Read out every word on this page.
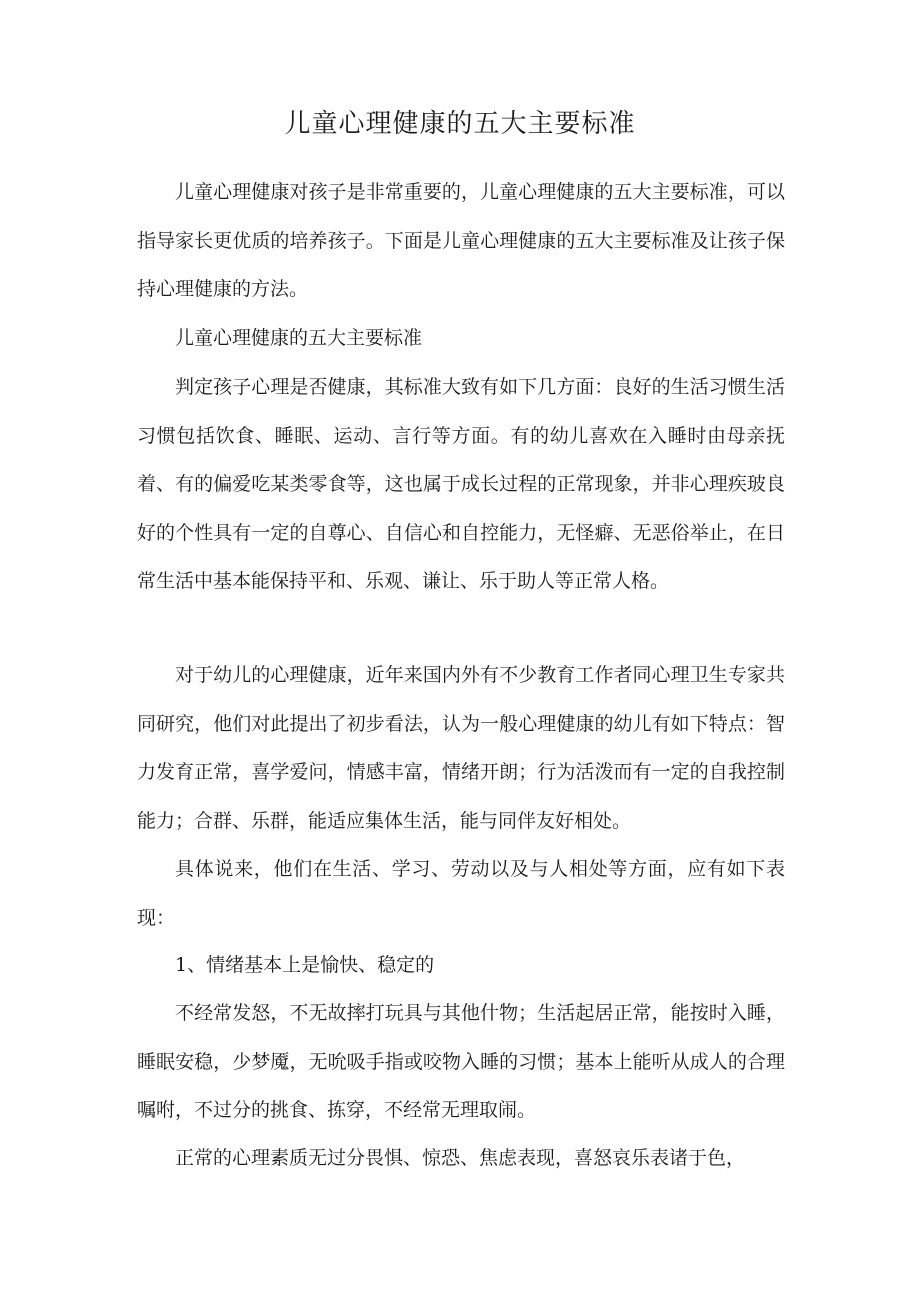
儿童心理健康的五大主要标准

儿童心理健康对孩子是非常重要的，儿童心理健康的五大主要标准，可以指导家长更优质的培养孩子。下面是儿童心理健康的五大主要标准及让孩子保持心理健康的方法。

儿童心理健康的五大主要标准

判定孩子心理是否健康，其标准大致有如下几方面：良好的生活习惯生活习惯包括饮食、睡眠、运动、言行等方面。有的幼儿喜欢在入睡时由母亲抚着、有的偏爱吃某类零食等，这也属于成长过程的正常现象，并非心理疾玻良好的个性具有一定的自尊心、自信心和自控能力，无怪癖、无恶俗举止，在日常生活中基本能保持平和、乐观、谦让、乐于助人等正常人格。

对于幼儿的心理健康，近年来国内外有不少教育工作者同心理卫生专家共同研究，他们对此提出了初步看法，认为一般心理健康的幼儿有如下特点：智力发育正常，喜学爱问，情感丰富，情绪开朗；行为活泼而有一定的自我控制能力；合群、乐群，能适应集体生活，能与同伴友好相处。

具体说来，他们在生活、学习、劳动以及与人相处等方面，应有如下表现：

1、情绪基本上是愉快、稳定的

不经常发怒，不无故摔打玩具与其他什物；生活起居正常，能按时入睡，睡眠安稳，少梦魇，无吮吸手指或咬物入睡的习惯；基本上能听从成人的合理嘱咐，不过分的挑食、拣穿，不经常无理取闹。

正常的心理素质无过分畏惧、惊恐、焦虑表现，喜怒哀乐表诸于色，
